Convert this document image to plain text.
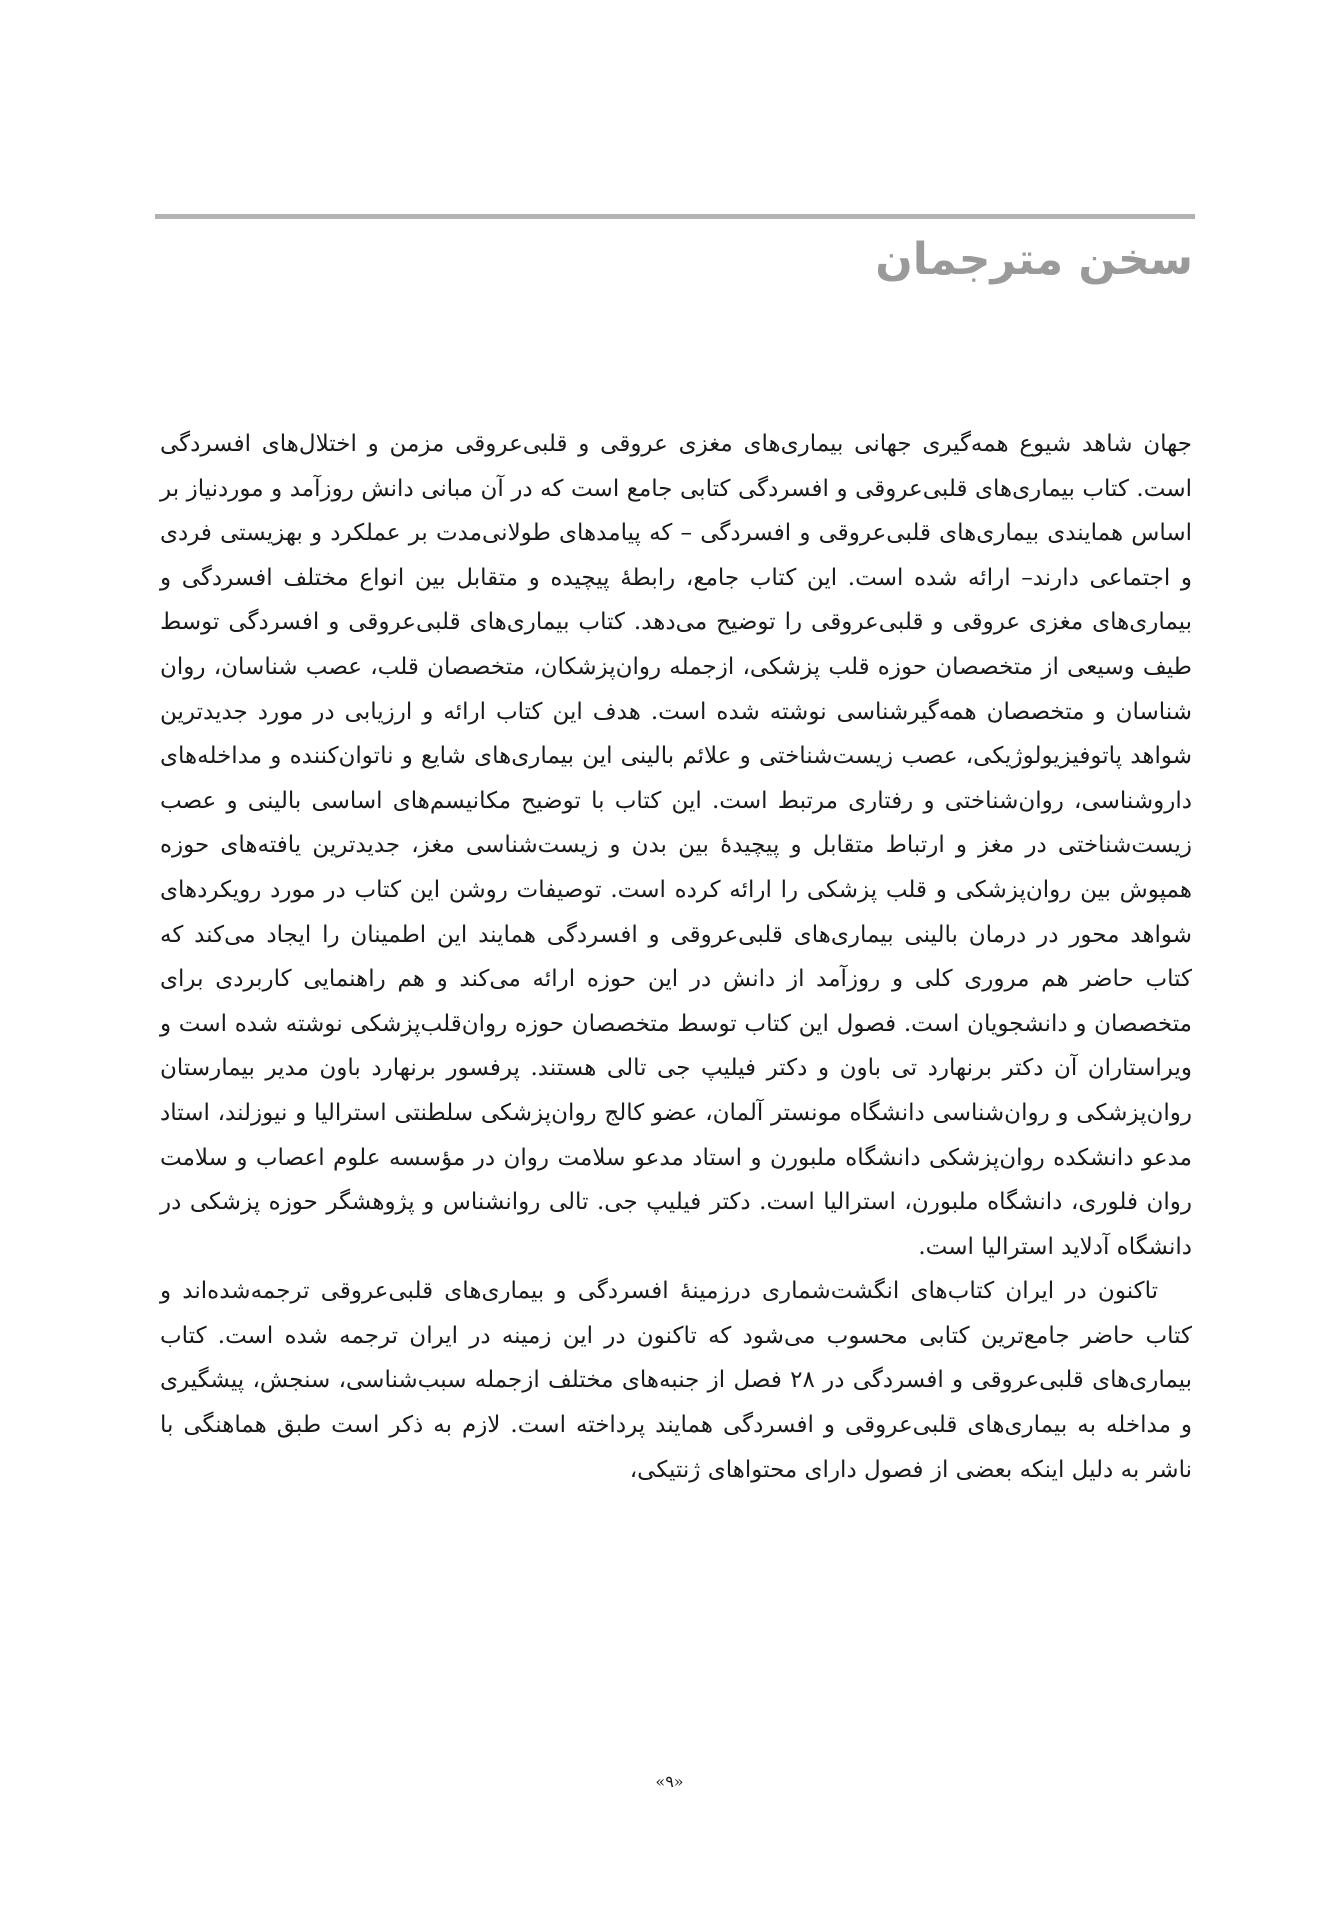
سخن مترجمان

جهان شاهد شیوع همه‌گیری جهانی بیماری‌های مغزی عروقی و قلبی‌عروقی مزمن و اختلال‌های افسردگی است. کتاب بیماری‌های قلبی‌عروقی و افسردگی کتابی جامع است که در آن مبانی دانش روزآمد و موردنیاز بر اساس همایندی بیماری‌های قلبی‌عروقی و افسردگی – که پیامدهای طولانی‌مدت بر عملکرد و بهزیستی فردی و اجتماعی دارند– ارائه شده است. این کتاب جامع، رابطهٔ پیچیده و متقابل بین انواع مختلف افسردگی و بیماری‌های مغزی عروقی و قلبی‌عروقی را توضیح می‌دهد. کتاب بیماری‌های قلبی‌عروقی و افسردگی توسط طیف وسیعی از متخصصان حوزه قلب پزشکی، ازجمله روان‌پزشکان، متخصصان قلب، عصب شناسان، روان شناسان و متخصصان همه‌گیرشناسی نوشته شده است. هدف این کتاب ارائه و ارزیابی در مورد جدیدترین شواهد پاتوفیزیولوژیکی، عصب زیست‌شناختی و علائم بالینی این بیماری‌های شایع و ناتوان‌کننده و مداخله‌های داروشناسی، روان‌شناختی و رفتاری مرتبط است. این کتاب با توضیح مکانیسم‌های اساسی بالینی و عصب زیست‌شناختی در مغز و ارتباط متقابل و پیچیدهٔ بین بدن و زیست‌شناسی مغز، جدیدترین یافته‌های حوزه همپوش بین روان‌پزشکی و قلب پزشکی را ارائه کرده است. توصیفات روشن این کتاب در مورد رویکردهای شواهد محور در درمان بالینی بیماری‌های قلبی‌عروقی و افسردگی همایند این اطمینان را ایجاد می‌کند که کتاب حاضر هم مروری کلی و روزآمد از دانش در این حوزه ارائه می‌کند و هم راهنمایی کاربردی برای متخصصان و دانشجویان است. فصول این کتاب توسط متخصصان حوزه روان‌قلب‌پزشکی نوشته شده است و ویراستاران آن دکتر برنهارد تی باون و دکتر فیلیپ جی تالی هستند. پرفسور برنهارد باون مدیر بیمارستان روان‌پزشکی و روان‌شناسی دانشگاه مونستر آلمان، عضو کالج روان‌پزشکی سلطنتی استرالیا و نیوزلند، استاد مدعو دانشکده روان‌پزشکی دانشگاه ملبورن و استاد مدعو سلامت روان در مؤسسه علوم اعصاب و سلامت روان فلوری، دانشگاه ملبورن، استرالیا است. دکتر فیلیپ جی. تالی روانشناس و پژوهشگر حوزه پزشکی در دانشگاه آدلاید استرالیا است.

تاکنون در ایران کتاب‌های انگشت‌شماری درزمینهٔ افسردگی و بیماری‌های قلبی‌عروقی ترجمه‌شده‌اند و کتاب حاضر جامع‌ترین کتابی محسوب می‌شود که تاکنون در این زمینه در ایران ترجمه شده است. کتاب بیماری‌های قلبی‌عروقی و افسردگی در ۲۸ فصل از جنبه‌های مختلف ازجمله سبب‌شناسی، سنجش، پیشگیری و مداخله به بیماری‌های قلبی‌عروقی و افسردگی همایند پرداخته است. لازم به ذکر است طبق هماهنگی با ناشر به دلیل اینکه بعضی از فصول دارای محتواهای ژنتیکی،

«۹»
